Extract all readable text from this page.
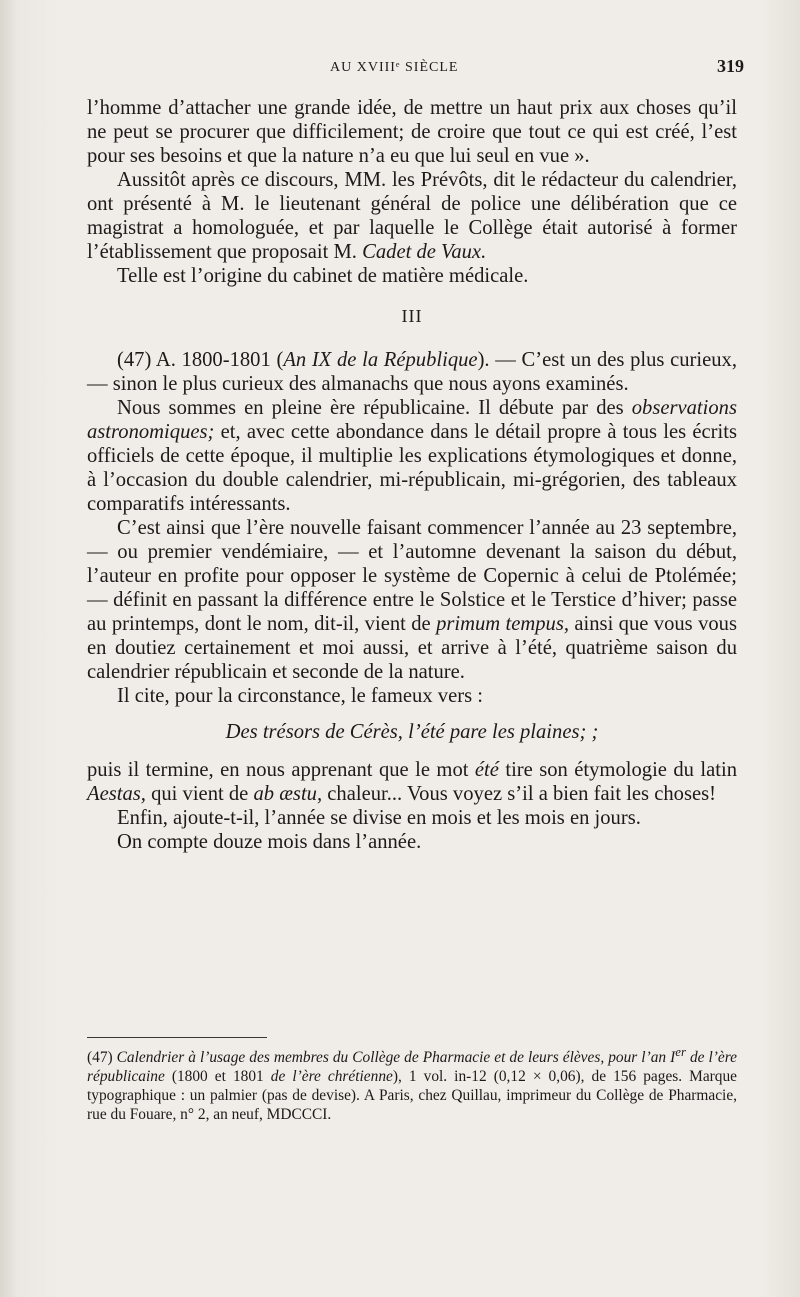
AU XVIIIᵉ SIÈCLE	319

l’homme d’attacher une grande idée, de mettre un haut prix aux choses qu’il ne peut se procurer que difficilement; de croire que tout ce qui est créé, l’est pour ses besoins et que la nature n’a eu que lui seul en vue ».

Aussitôt après ce discours, MM. les Prévôts, dit le rédacteur du calendrier, ont présenté à M. le lieutenant général de police une délibération que ce magistrat a homologuée, et par laquelle le Collège était autorisé à former l’établissement que proposait M. Cadet de Vaux.

Telle est l’origine du cabinet de matière médicale.

III

(47) A. 1800-1801 (An IX de la République). — C’est un des plus curieux, — sinon le plus curieux des almanachs que nous ayons examinés.

Nous sommes en pleine ère républicaine. Il débute par des observations astronomiques; et, avec cette abondance dans le détail propre à tous les écrits officiels de cette époque, il multiplie les explications étymologiques et donne, à l’occasion du double calendrier, mi-républicain, mi-grégorien, des tableaux comparatifs intéressants.

C’est ainsi que l’ère nouvelle faisant commencer l’année au 23 septembre, — ou premier vendémiaire, — et l’automne devenant la saison du début, l’auteur en profite pour opposer le système de Copernic à celui de Ptolémée; — définit en passant la différence entre le Solstice et le Terstice d’hiver; passe au printemps, dont le nom, dit-il, vient de primum tempus, ainsi que vous vous en doutiez certainement et moi aussi, et arrive à l’été, quatrième saison du calendrier républicain et seconde de la nature.

Il cite, pour la circonstance, le fameux vers :

Des trésors de Cérès, l’été pare les plaines; ;

puis il termine, en nous apprenant que le mot été tire son étymologie du latin Aestas, qui vient de ab æstu, chaleur... Vous voyez s’il a bien fait les choses!

Enfin, ajoute-t-il, l’année se divise en mois et les mois en jours.

On compte douze mois dans l’année.

(47) Calendrier à l’usage des membres du Collège de Pharmacie et de leurs élèves, pour l’an Ier de l’ère républicaine (1800 et 1801 de l’ère chrétienne), 1 vol. in-12 (0,12 × 0,06), de 156 pages. Marque typographique : un palmier (pas de devise). A Paris, chez Quillau, imprimeur du Collège de Pharmacie, rue du Fouare, n° 2, an neuf, MDCCCI.
